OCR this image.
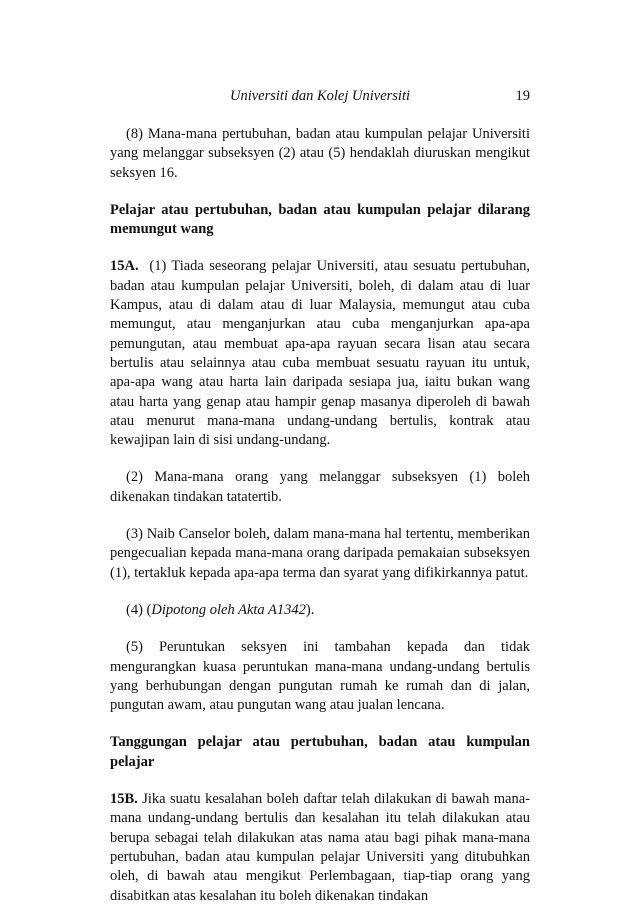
Universiti dan Kolej Universiti	19

(8) Mana-mana pertubuhan, badan atau kumpulan pelajar Universiti yang melanggar subseksyen (2) atau (5) hendaklah diuruskan mengikut seksyen 16.

Pelajar atau pertubuhan, badan atau kumpulan pelajar dilarang memungut wang

15A. (1) Tiada seseorang pelajar Universiti, atau sesuatu pertubuhan, badan atau kumpulan pelajar Universiti, boleh, di dalam atau di luar Kampus, atau di dalam atau di luar Malaysia, memungut atau cuba memungut, atau menganjurkan atau cuba menganjurkan apa-apa pemungutan, atau membuat apa-apa rayuan secara lisan atau secara bertulis atau selainnya atau cuba membuat sesuatu rayuan itu untuk, apa-apa wang atau harta lain daripada sesiapa jua, iaitu bukan wang atau harta yang genap atau hampir genap masanya diperoleh di bawah atau menurut mana-mana undang-undang bertulis, kontrak atau kewajipan lain di sisi undang-undang.

(2) Mana-mana orang yang melanggar subseksyen (1) boleh dikenakan tindakan tatatertib.

(3) Naib Canselor boleh, dalam mana-mana hal tertentu, memberikan pengecualian kepada mana-mana orang daripada pemakaian subseksyen (1), tertakluk kepada apa-apa terma dan syarat yang difikirkannya patut.

(4) (Dipotong oleh Akta A1342).

(5) Peruntukan seksyen ini tambahan kepada dan tidak mengurangkan kuasa peruntukan mana-mana undang-undang bertulis yang berhubungan dengan pungutan rumah ke rumah dan di jalan, pungutan awam, atau pungutan wang atau jualan lencana.

Tanggungan pelajar atau pertubuhan, badan atau kumpulan pelajar

15B. Jika suatu kesalahan boleh daftar telah dilakukan di bawah mana-mana undang-undang bertulis dan kesalahan itu telah dilakukan atau berupa sebagai telah dilakukan atas nama atau bagi pihak mana-mana pertubuhan, badan atau kumpulan pelajar Universiti yang ditubuhkan oleh, di bawah atau mengikut Perlembagaan, tiap-tiap orang yang disabitkan atas kesalahan itu boleh dikenakan tindakan
